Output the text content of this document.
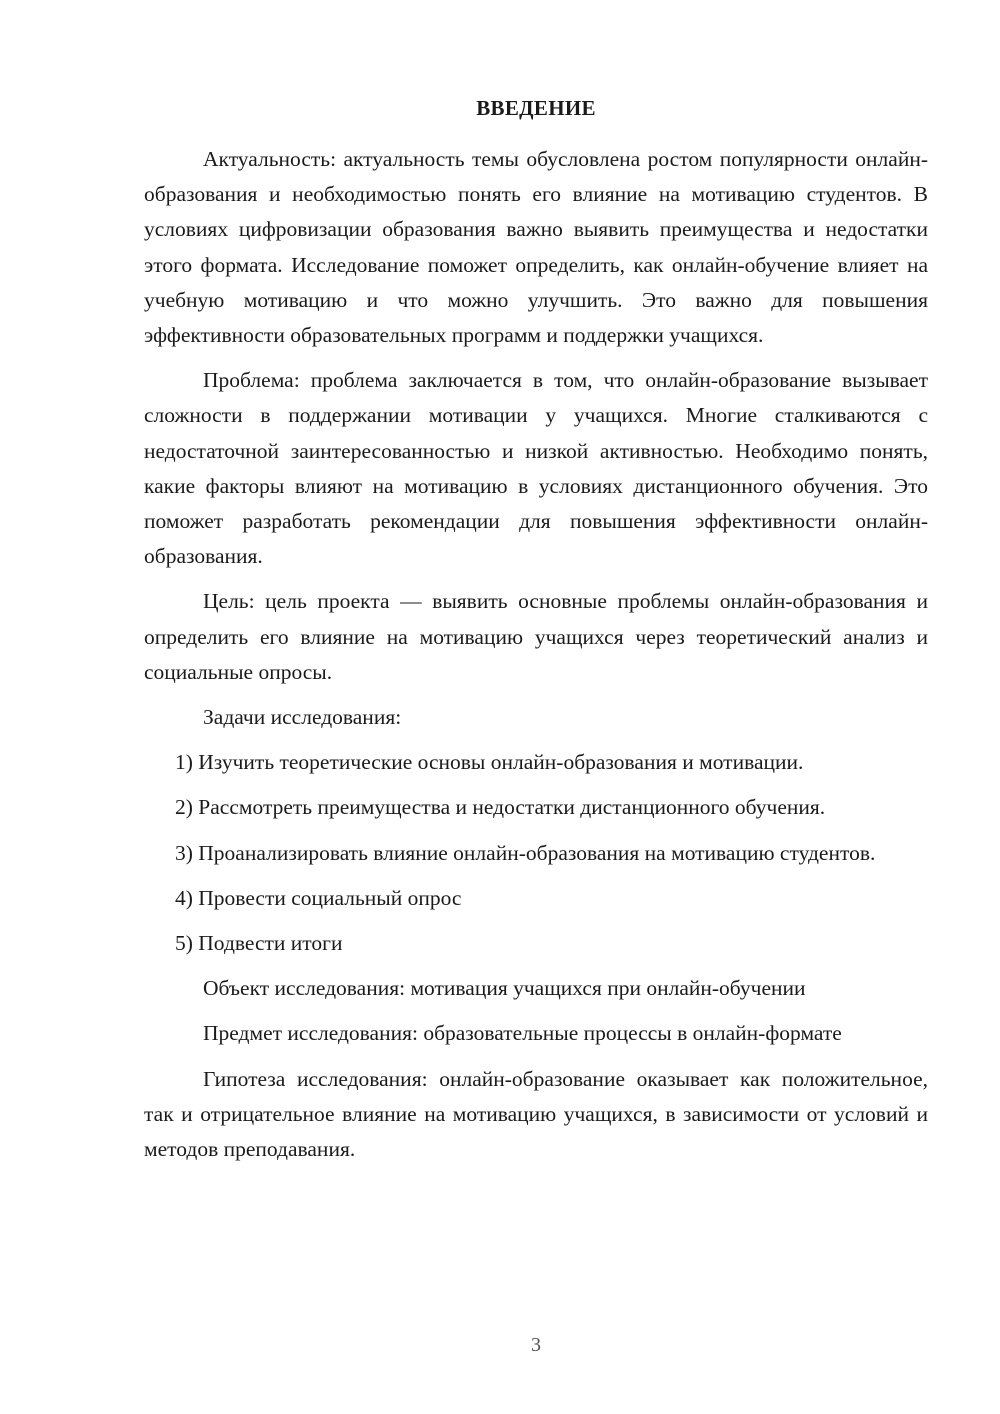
ВВЕДЕНИЕ

Актуальность: актуальность темы обусловлена ростом популярности онлайн-образования и необходимостью понять его влияние на мотивацию студентов. В условиях цифровизации образования важно выявить преимущества и недостатки этого формата. Исследование поможет определить, как онлайн-обучение влияет на учебную мотивацию и что можно улучшить. Это важно для повышения эффективности образовательных программ и поддержки учащихся.

Проблема: проблема заключается в том, что онлайн-образование вызывает сложности в поддержании мотивации у учащихся. Многие сталкиваются с недостаточной заинтересованностью и низкой активностью. Необходимо понять, какие факторы влияют на мотивацию в условиях дистанционного обучения. Это поможет разработать рекомендации для повышения эффективности онлайн-образования.

Цель: цель проекта — выявить основные проблемы онлайн-образования и определить его влияние на мотивацию учащихся через теоретический анализ и социальные опросы.

Задачи исследования:

1) Изучить теоретические основы онлайн-образования и мотивации.

2) Рассмотреть преимущества и недостатки дистанционного обучения.

3) Проанализировать влияние онлайн-образования на мотивацию студентов.

4) Провести социальный опрос

5) Подвести итоги

Объект исследования: мотивация учащихся при онлайн-обучении

Предмет исследования: образовательные процессы в онлайн-формате

Гипотеза исследования: онлайн-образование оказывает как положительное, так и отрицательное влияние на мотивацию учащихся, в зависимости от условий и методов преподавания.

3
